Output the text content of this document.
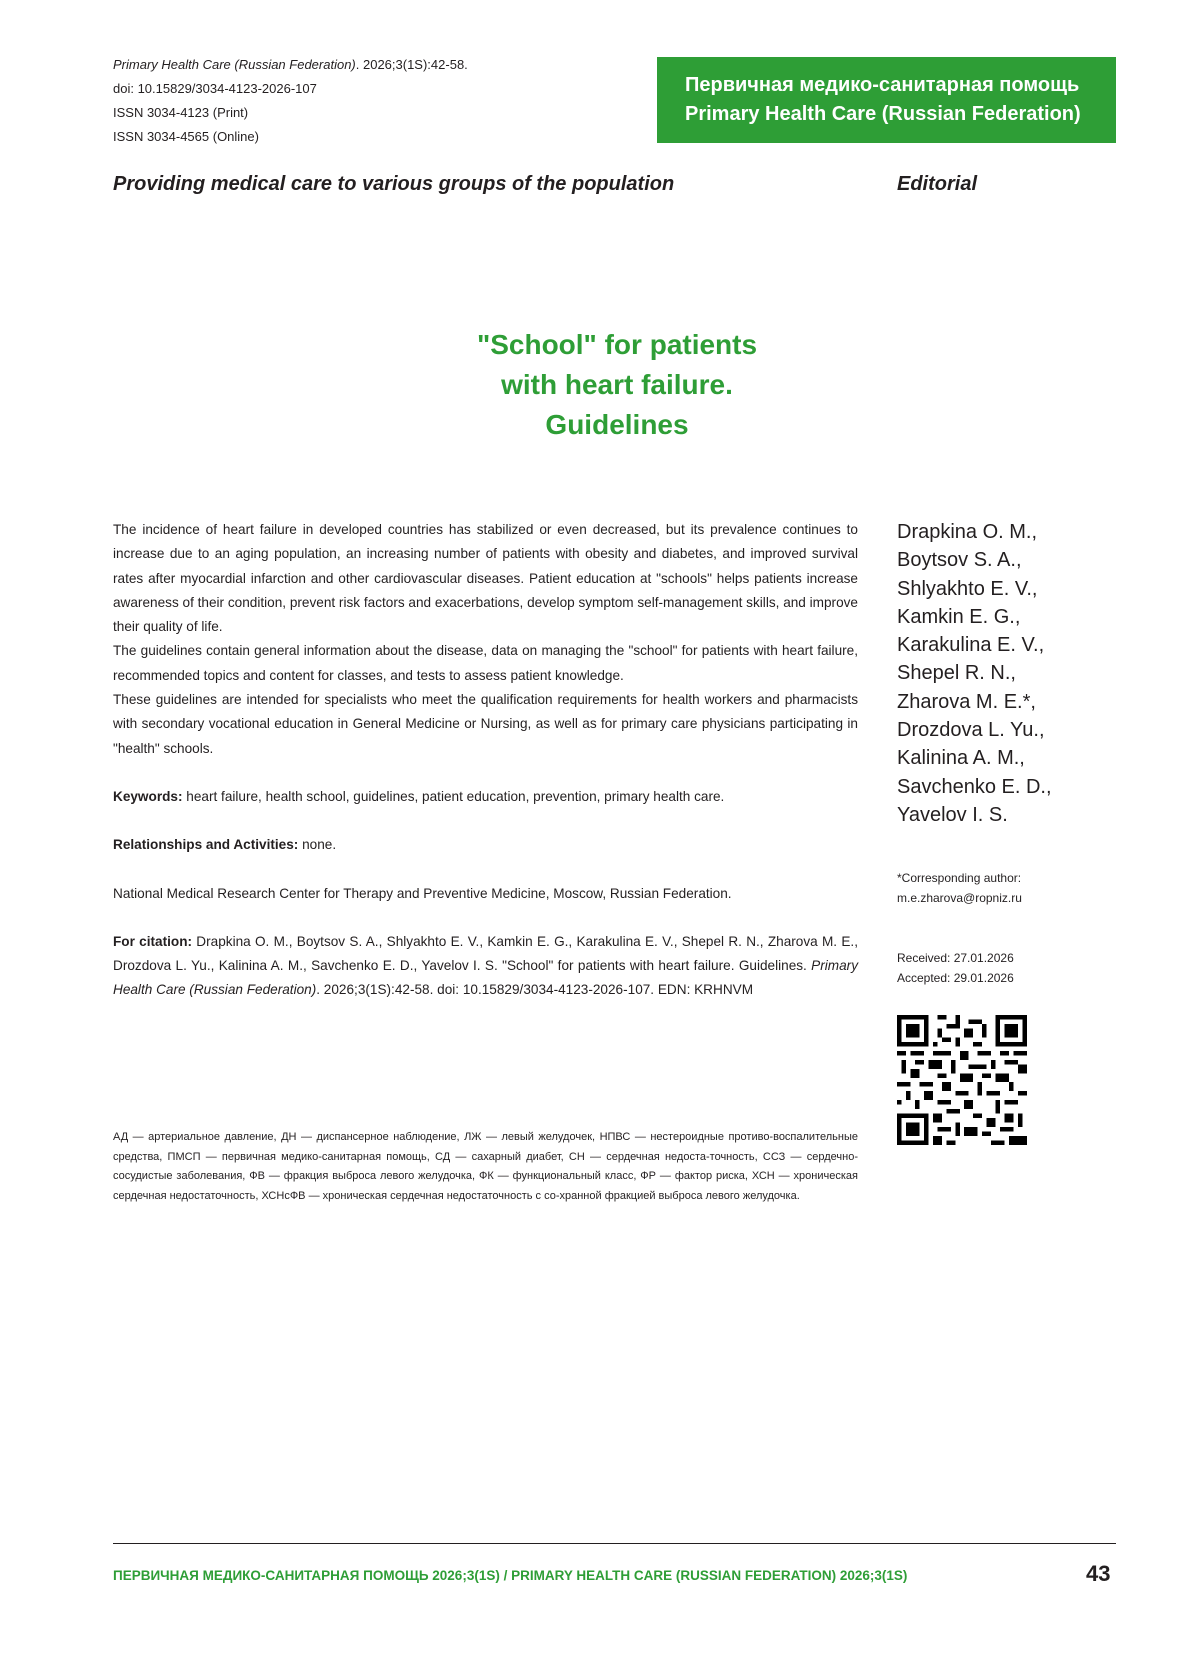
Primary Health Care (Russian Federation). 2026;3(1S):42-58.
doi: 10.15829/3034-4123-2026-107
ISSN 3034-4123 (Print)
ISSN 3034-4565 (Online)
Первичная медико-санитарная помощь
Primary Health Care (Russian Federation)
Providing medical care to various groups of the population	Editorial
"School" for patients
with heart failure.
Guidelines

The incidence of heart failure in developed countries has stabilized or even decreased, but its prevalence continues to increase due to an aging population, an increasing number of patients with obesity and diabetes, and improved survival rates after myocardial infarction and other cardiovascular diseases. Patient education at "schools" helps patients increase awareness of their condition, prevent risk factors and exacerbations, develop symptom self-management skills, and improve their quality of life.

The guidelines contain general information about the disease, data on managing the "school" for patients with heart failure, recommended topics and content for classes, and tests to assess patient knowledge.

These guidelines are intended for specialists who meet the qualification requirements for health workers and pharmacists with secondary vocational education in General Medicine or Nursing, as well as for primary care physicians participating in "health" schools.

Keywords: heart failure, health school, guidelines, patient education, prevention, primary health care.

Relationships and Activities: none.

National Medical Research Center for Therapy and Preventive Medicine, Moscow, Russian Federation.

For citation: Drapkina O. M., Boytsov S. A., Shlyakhto E. V., Kamkin E. G., Karakulina E. V., Shepel R. N., Zharova M. E., Drozdova L. Yu., Kalinina A. M., Savchenko E. D., Yavelov I. S. "School" for patients with heart failure. Guidelines. Primary Health Care (Russian Federation). 2026;3(1S):42-58. doi: 10.15829/3034-4123-2026-107. EDN: KRHNVM

Drapkina O. M.,
Boytsov S. A.,
Shlyakhto E. V.,
Kamkin E. G.,
Karakulina E. V.,
Shepel R. N.,
Zharova M. E.*,
Drozdova L. Yu.,
Kalinina A. M.,
Savchenko E. D.,
Yavelov I. S.
*Corresponding author:
m.e.zharova@ropniz.ru
Received: 27.01.2026
Accepted: 29.01.2026
АД — артериальное давление, ДН — диспансерное наблюдение, ЛЖ — левый желудочек, НПВС — нестероидные противо-воспалительные средства, ПМСП — первичная медико-санитарная помощь, СД — сахарный диабет, СН — сердечная недоста-точность, ССЗ — сердечно-сосудистые заболевания, ФВ — фракция выброса левого желудочка, ФК — функциональный класс, ФР — фактор риска, ХСН — хроническая сердечная недостаточность, ХСНсФВ — хроническая сердечная недостаточность с со-хранной фракцией выброса левого желудочка.
ПЕРВИЧНАЯ МЕДИКО-САНИТАРНАЯ ПОМОЩЬ 2026;3(1S) / PRIMARY HEALTH CARE (RUSSIAN FEDERATION) 2026;3(1S)	43
